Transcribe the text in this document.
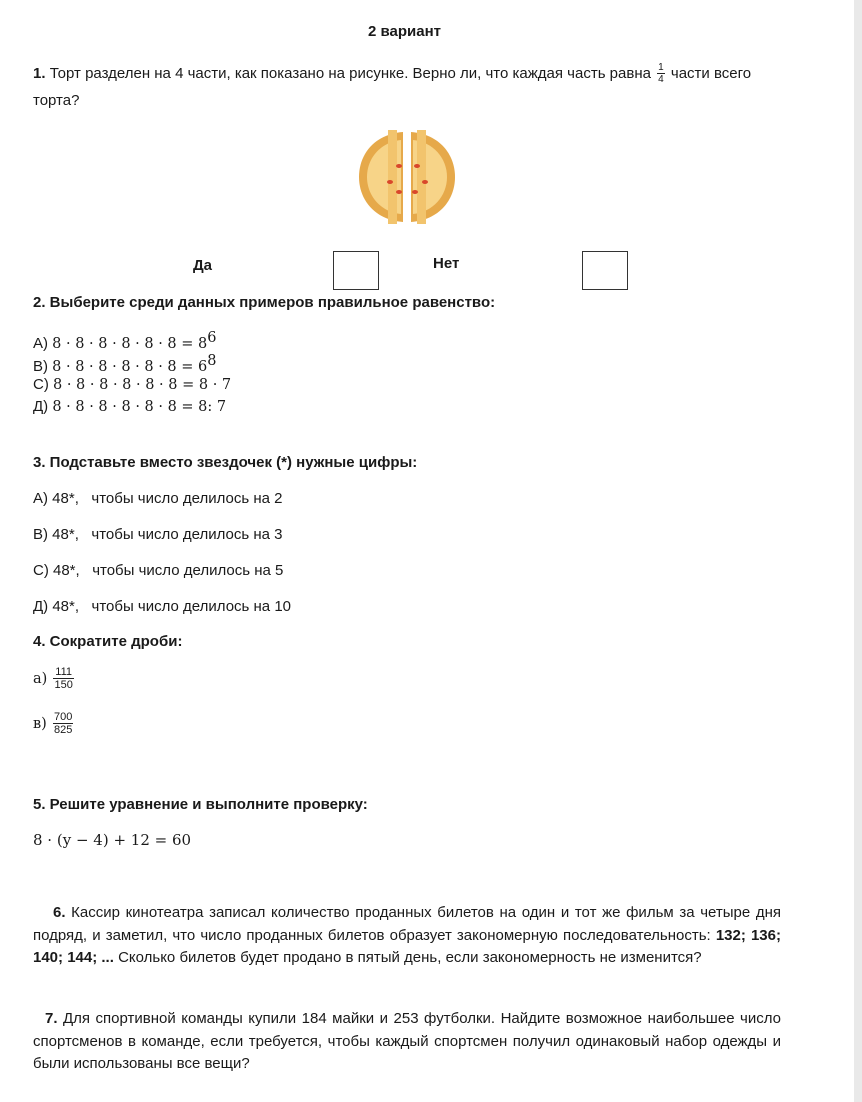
2 вариант
1. Торт разделен на 4 части, как показано на рисунке. Верно ли, что каждая часть равна $\frac{1}{4}$ части всего
торта?
Да	Нет
2. Выберите среди данных примеров правильное равенство:
А) $8 \cdot 8 \cdot 8 \cdot 8 \cdot 8 \cdot 8 = 8^6$
В) $8 \cdot 8 \cdot 8 \cdot 8 \cdot 8 \cdot 8 = 6^8$
С) 8 · 8 · 8 · 8 · 8 · 8 = 8 · 7
Д) 8 · 8 · 8 · 8 · 8 · 8 = 8: 7
3. Подставьте вместо звездочек (*) нужные цифры:
А) 48*,   чтобы число делилось на 2
В) 48*,   чтобы число делилось на 3
С) 48*,   чтобы число делилось на 5
Д) 48*,   чтобы число делилось на 10
4. Сократите дроби:
$а) \frac{111}{150}$
$в) \frac{700}{825}$
5. Решите уравнение и выполните проверку:
8 · (y − 4) + 12 = 60
6. Кассир кинотеатра записал количество проданных билетов на один и тот же фильм за четыре дня подряд, и заметил, что число проданных билетов образует закономерную последовательность: 132; 136; 140; 144; ... Сколько билетов будет продано в пятый день, если закономерность не изменится?
7. Для спортивной команды купили 184 майки и 253 футболки. Найдите возможное наибольшее число спортсменов в команде, если требуется, чтобы каждый спортсмен получил одинаковый набор одежды и были использованы все вещи?
